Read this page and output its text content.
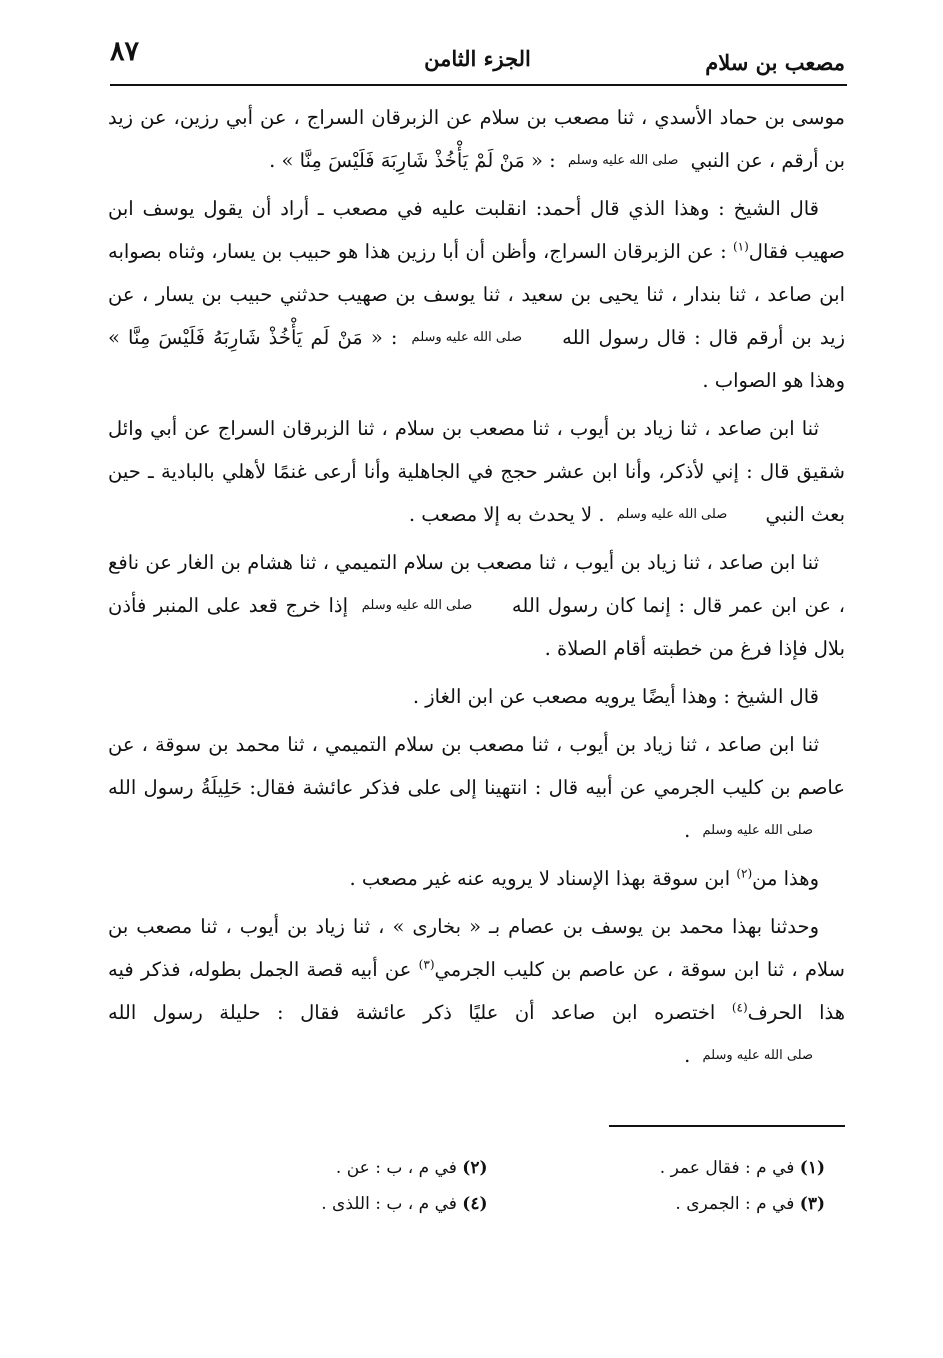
مصعب بن سلام
الجزء الثامن
٨٧

موسى بن حماد الأسدي ، ثنا مصعب بن سلام عن الزبرقان السراج ، عن أبي رزين، عن زيد بن أرقم ، عن النبي صلى الله عليه وسلم : « مَنْ لَمْ يَأْخُذْ شَارِبَهَ فَلَيْسَ مِنَّا » .

قال الشيخ : وهذا الذي قال أحمد: انقلبت عليه في مصعب ـ أراد أن يقول يوسف ابن صهيب فقال$^{(١)}$ : عن الزبرقان السراج، وأظن أن أبا رزين هذا هو حبيب بن يسار، وثناه بصوابه ابن صاعد ، ثنا بندار ، ثنا يحيى بن سعيد ، ثنا يوسف بن صهيب حدثني حبيب بن يسار ، عن زيد بن أرقم قال : قال رسول الله صلى الله عليه وسلم : « مَنْ لَم يَأْخُذْ شَارِبَهُ فَلَيْسَ مِنَّا » وهذا هو الصواب .

ثنا ابن صاعد ، ثنا زياد بن أيوب ، ثنا مصعب بن سلام ، ثنا الزبرقان السراج عن أبي وائل شقيق قال : إني لأذكر، وأنا ابن عشر حجج في الجاهلية وأنا أرعى غنمًا لأهلي بالبادية ـ حين بعث النبي صلى الله عليه وسلم . لا يحدث به إلا مصعب .

ثنا ابن صاعد ، ثنا زياد بن أيوب ، ثنا مصعب بن سلام التميمي ، ثنا هشام بن الغار عن نافع ، عن ابن عمر قال : إنما كان رسول الله صلى الله عليه وسلم إذا خرج قعد على المنبر فأذن بلال فإذا فرغ من خطبته أقام الصلاة .

قال الشيخ : وهذا أيضًا يرويه مصعب عن ابن الغاز .

ثنا ابن صاعد ، ثنا زياد بن أيوب ، ثنا مصعب بن سلام التميمي ، ثنا محمد بن سوقة ، عن عاصم بن كليب الجرمي عن أبيه قال : انتهينا إلى على فذكر عائشة فقال: حَلِيلَةُ رسول الله صلى الله عليه وسلم .

وهذا من$^{(٢)}$ ابن سوقة بهذا الإسناد لا يرويه عنه غير مصعب .

وحدثنا بهذا محمد بن يوسف بن عصام بـ « بخارى » ، ثنا زياد بن أيوب ، ثنا مصعب بن سلام ، ثنا ابن سوقة ، عن عاصم بن كليب الجرمي$^{(٣)}$ عن أبيه قصة الجمل بطوله، فذكر فيه هذا الحرف$^{(٤)}$ اختصره ابن صاعد أن عليًا ذكر عائشة فقال : حليلة رسول الله صلى الله عليه وسلم .

(١) في م : فقال عمر .
(٢) في م ، ب : عن .
(٣) في م : الجمرى .
(٤) في م ، ب : اللذى .
